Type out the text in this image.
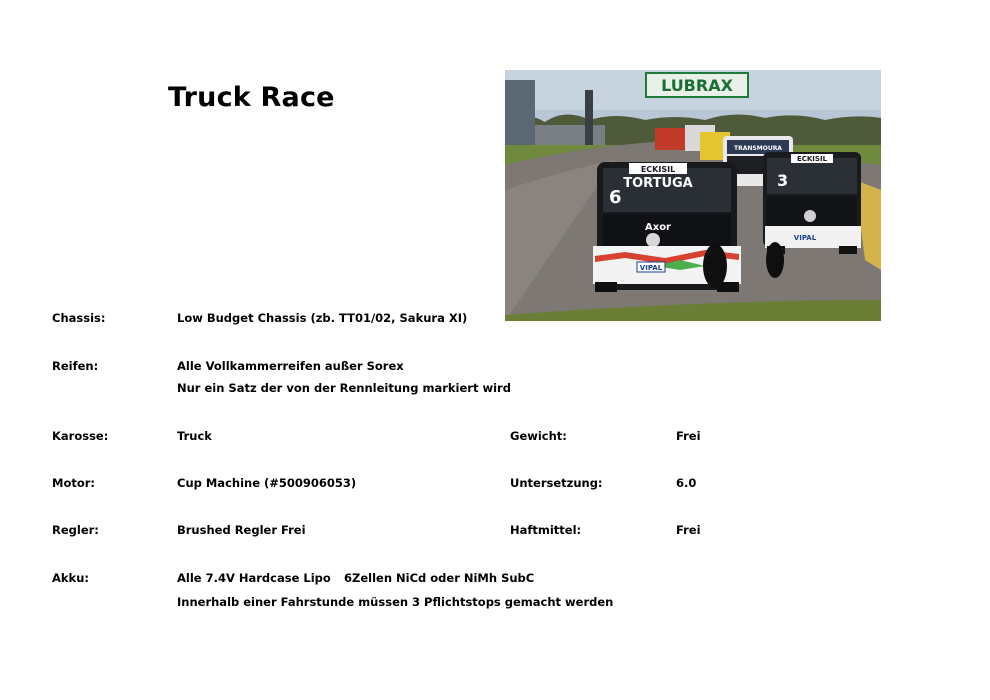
Truck Race	LUBRAX
TRANSMOURA
ECKISIL
3
VIPAL
ECKISIL
TORTUGA
6
Axor
VIPAL
Chassis:	Low Budget Chassis (zb. TT01/02, Sakura XI)
Reifen:	Alle Vollkammerreifen außer Sorex
Nur ein Satz der von der Rennleitung markiert wird
Karosse:	Truck	Gewicht:	Frei
Motor:	Cup Machine (#500906053)	Untersetzung:	6.0
Regler:	Brushed Regler Frei	Haftmittel:	Frei
Akku:	Alle 7.4V Hardcase Lipo 6Zellen NiCd oder NiMh SubC
Innerhalb einer Fahrstunde müssen 3 Pflichtstops gemacht werden
